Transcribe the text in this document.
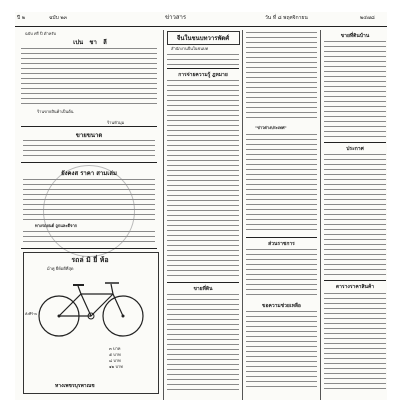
ปี ๒	ฉบับ ๒๓	ข่าวสาร	วัน ที่ ๘ พฤศจิกายน	๒๔๗๘
ฉบับ ศรี ปี ตำหรับ
เปน ชา ลี
ร้านขายสินค้าเป็นต้น
ร้านหัวมุม
ขายขนาด
ยังคงส ราคา สามเล่ม
ทางรถยนต์ ถูกและดีจาก
รถล่ มิ ยี่ ห้อ
ม้าคู่ ยี่ห้อดีที่สุด
สั่งที่ร้าน
๓ บาท
๕ บาท
๘ บาท
๑๒ บาท
ห้างเพชรบุรีพาณิช
จีนในชนบทวารพัดศ์
สำนักงานจีนในชนบท
การจ่ายความรู้ ฎหมาย
ขายที่ดิน
"ข่าวต่างประเทศ"
ส่วนราชการ
ขอความช่วยเหลือ
ขายที่ดินบ้าน
ประกาศ
ตารางราคาสินค้า
